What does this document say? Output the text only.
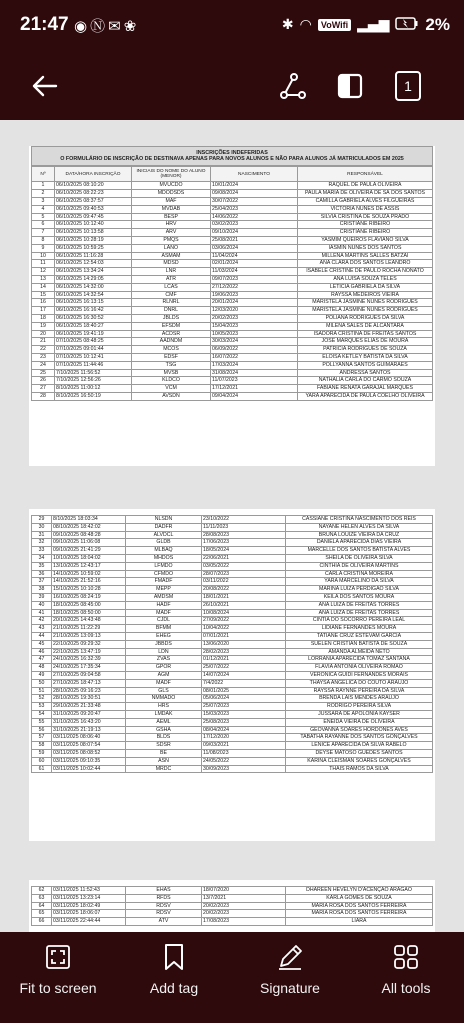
21:47 ◉Ⓝ✉❀	✱ ◠	VoWifi ▂▄▆ 2%
1
INSCRIÇÕES INDEFERIDAS
O FORMULÁRIO DE INSCRIÇÃO DE DESTINAVA APENAS PARA NOVOS ALUNOS E NÃO PARA ALUNOS JÁ MATRICULADOS EM 2025
Nº	DATA/HORA INSCRIÇÃO	INICIAIS DO NOME DO ALUNO (MENOR)	NASCIMENTO	RESPONSÁVEL
1	06/10/2025 08:10:20	MVUCDO	10/01/2024	RAQUEL DE PAULA OLIVEIRA
2	06/10/2025 08:22:23	MDODSDS	09/08/2024	PAULA MARIA DE OLIVEIRA DE SÁ DOS SANTOS
3	06/10/2025 08:37:57	MAF	30/07/2022	CAMILLA GABRIELA ALVES FILGUEIRAS
4	06/10/2025 09:40:53	MVDAB	25/04/2023	VICTORIA NUNES DE ASSIS
5	06/10/2025 09:47:45	BESP	14/06/2022	SILVIA CRISTINA DE SOUZA PRADO
6	06/10/2025 10:12:40	HRV	03/02/2023	CRISTIANE RIBEIRO
7	06/10/2025 10:13:58	ARV	09/10/2024	CRISTIANE RIBEIRO
8	06/10/2025 10:28:19	PMQS	25/08/2021	YASMIM QUEIROS FLAVIANO SILVA
9	06/10/2025 10:59:25	LANO	03/06/2024	IASMIN NUNES DOS SANTOS
10	06/10/2025 11:16:28	ASMAM	11/04/2024	MILLENA MARTINS SALLES BATZAI
11	06/10/2025 12:54:03	MDSD	02/01/2024	ANA CLARA DOS SANTOS LEANDRO
12	06/10/2025 13:34:24	LNR	11/03/2024	ISABELE CRISTINE DE PAULO ROCHA NONATO
13	06/10/2025 14:29:05	ATR	09/07/2023	ANA LUISA SOUZA TELES
14	06/10/2025 14:32:00	LCAS	27/12/2022	LETICIA GABRIELA DA SILVA
15	06/10/2025 14:32:54	CMF	19/06/2023	RAYSSA MEDEIROS VIEIRA
16	06/10/2025 16:13:15	RLNRL	20/01/2024	MARISTELA JASMINE NUNES RODRIGUES
17	06/10/2025 16:16:42	DNRL	12/03/2020	MARISTELA JASMINE NUNES RODRIGUES
18	06/10/2025 16:30:52	JBLDS	20/02/2023	POLIANA RODRIGUES DA SILVA
19	06/10/2025 18:40:27	EFSDM	15/04/2023	MILENA SALES DE ALCÂNTARA
20	06/10/2025 19:41:19	ACDSR	10/05/2023	ISADORA CRISTINA DE FREITAS SANTOS
21	07/10/2025 08:48:25	AADNDM	30/03/2024	JOSÉ MARQUES ELIAS DE MOURA
22	07/10/2025 09:01:44	MCOS	06/09/2022	PATRICIA RODRIGUES DE SOUZA
23	07/10/2025 10:12:41	EDSF	16/07/2022	ELOISA KETLEY BATISTA DA SILVA
24	07/10/2025 11:44:46	TSG	17/03/2024	POLLYANNA SANTOS GUIMARÃES
25	7/10/2025 11:56:52	MVSB	31/08/2024	ANDRESSA SANTOS
26	7/10/2025 12:56:26	KLDCO	11/07/2023	NATHALIA CARLA DO CARMO SOUZA
27	8/10/2025 11:00:12	VCM	17/12/2021	FABIANE RENATA GARAJAL MARQUES
28	8/10/2025 16:50:19	AVSDN	09/04/2024	YARA APARECIDA DE PAULA COELHO OLIVEIRA
29	8/10/2025 18:03:34	NLSDN	23/10/2022	CASSIANE CRISTINA NASCIMENTO DOS REIS
30	08/10/2025 18:42:02	DADFR	11/11/2023	NAYANE HELEN ALVES DA SILVA
31	09/10/2025 08:48:28	ALVDCL	28/08/2023	BRUNA LOUIZE VIEIRA DA CRUZ
32	09/10/2025 11:06:08	GLDB	17/06/2023	DANIELA APARECIDA DIAS VIEIRA
33	09/10/2025 21:41:29	MLBAQ	18/05/2024	MARCELLE DOS SANTOS BATISTA ALVES
34	10/10/2025 18:04:02	MHDOS	22/06/2021	SHEILA DE OLIVEIRA SILVA
35	13/10/2025 12:43:17	LFMDO	03/05/2022	CINTHIA DE OLIVEIRA MARTINS
36	14/10/2025 10:59:02	CFMDO	28/07/2023	CARLA CRISTINA MOREIRA
37	14/10/2025 21:52:16	FMADF	03/11/2022	YARA MARCELINO DA SILVA
38	15/10/2025 10:10:28	MEPP	20/08/2022	MARINA LUIZA PERDIGÃO SILVA
39	16/10/2025 08:24:19	AMDSM	18/01/2021	KEILA DOS SANTOS MOURA
40	18/10/2025 08:45:00	HADF	26/10/2021	ANA LUIZA DE FREITAS TORRES
41	18/10/2025 08:50:00	MADF	10/08/2024	ANA LUIZA DE FREITAS TORRES
42	20/10/2025 14:43:48	CJDL	27/09/2022	CINTIA DO SOCORRO PEREIRA LEAL
43	21/10/2025 11:22:29	BFMM	10/04/2022	LIDIANE FERNANDES MOURA
44	21/10/2025 13:09:13	EHEG	07/01/2021	TATIANE CRUZ ESTEVAM GARCIA
45	22/10/2025 09:29:32	JBBDS	13/06/2020	SUELEN CRISTIAN BATISTA DE SOUZA
46	22/10/2025 13:47:19	LDN	28/02/2023	AMANDA ALMEIDA NETO
47	24/10/2025 16:32:39	ZVAS	01/12/2021	LORRANIA APARECIDA TOMAZ SANTANA
48	24/10/2025 17:35:34	GPOR	25/07/2022	FLÁVIA ANTÔNIA OLIVEIRA ROMÃO
49	27/10/2025 09:04:58	AGM	14/07/2024	VERONICA GUIDI FERNANDES MORAIS
50	27/10/2025 18:47:13	MADF	7/4/2022	THAYSA ANGELICA DO COUTO ARAUJO
51	28/10/2025 09:16:23	GLS	08/01/2025	RAYSSA RAYNNE PEREIRA DA SILVA
52	28/10/2025 19:30:51	NMMADO	05/06/2024	BRENDA LAIS MENDES ARAÚJO
53	29/10/2025 21:33:48	HRS	25/07/2023	RODRIGO PEREIRA SILVA
54	31/10/2025 09:20:47	LMDAK	15/03/2023	JUSSARA DE APOLONIA KAYSER
55	31/10/2025 16:43:20	AEML	25/08/2023	ENEIDA VIEIRA DE OLIVEIRA
56	31/10/2025 21:19:13	GSHA	08/04/2024	GEOVANNA SOARES HORDONES AVES
57	03/11/2025 08:06:40	BLDS	17/12/2020	TABATHA RAYANNE DOS SANTOS GONÇALVES
58	03/11/2025 08:07:54	SDSR	09/03/2021	LENICE APARECIDA DA SILVA RABELO
59	03/11/2025 08:08:52	BE	11/08/2023	DEYSE MATOSO GUEDES SANTOS
60	03/11/2025 09:10:35	ASN	24/05/2022	KARINA CLEISMAN SOARES GONÇALVES
61	03/11/2025 10:02:44	MRDC	30/09/2023	THAÍS RAMOS DA SILVA
62	03/11/2025 11:52:43	EHAS	18/07/2020	DHAREEN HEVELYN D'ACENÇÃO ARAGÃO
63	03/11/2025 13:23:14	RFDS	13/7/2021	KARLA GOMES DE SOUZA
64	03/11/2025 18:02:49	RDSV	20/02/2023	MARIA ROSA DOS SANTOS FERREIRA
65	03/11/2025 18:06:07	RDSV	20/02/2023	MARIA ROSA DOS SANTOS FERREIRA
66	03/11/2025 22:44:44	ATV	17/08/2023	LIARA
Fit to screen	Add tag	Signature	All tools
